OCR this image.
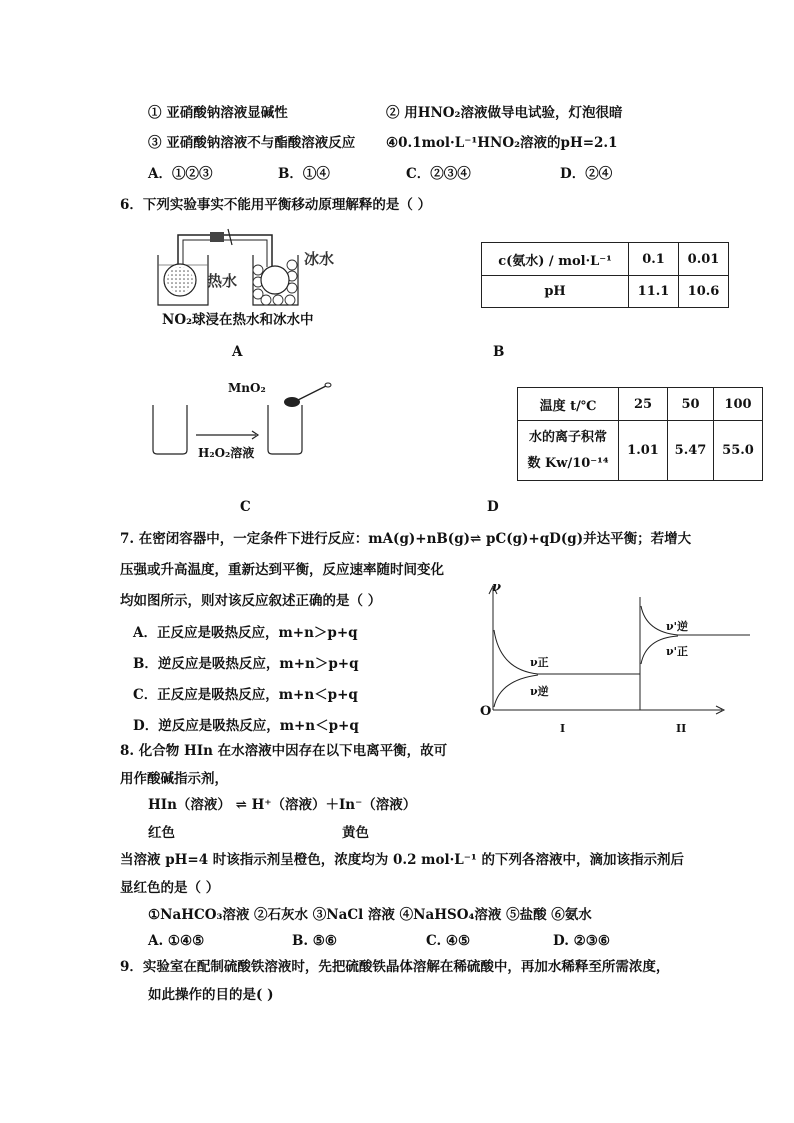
① 亚硝酸钠溶液显碱性	② 用HNO₂溶液做导电试验，灯泡很暗
③ 亚硝酸钠溶液不与酯酸溶液反应 ④0.1mol·L⁻¹HNO₂溶液的pH=2.1
A．①②③	B．①④	C．②③④	D．②④
6．下列实验事实不能用平衡移动原理解释的是（ ）
热水
冰水
NO₂球浸在热水和冰水中
A
c(氨水) / mol·L⁻¹	0.1	0.01
pH	11.1	10.6
B
MnO₂
H₂O₂溶液
C
温度 t/℃	25	50	100

水的离子积常
数 Kw/10⁻¹⁴	1.01	5.47	55.0
D
7. 在密闭容器中，一定条件下进行反应：mA(g)+nB(g)⇌ pC(g)+qD(g)并达平衡；若增大
压强或升高温度，重新达到平衡，反应速率随时间变化
均如图所示，则对该反应叙述正确的是（ ）
A．正反应是吸热反应，m+n＞p+q
B．逆反应是吸热反应，m+n＞p+q
C．正反应是吸热反应，m+n＜p+q
D．逆反应是吸热反应，m+n＜p+q
ν
O
ν正
ν逆
ν'逆
ν'正
I	II
8. 化合物 HIn 在水溶液中因存在以下电离平衡，故可
用作酸碱指示剂，
HIn（溶液） ⇌ H⁺（溶液）＋In⁻（溶液）
红色	黄色
当溶液 pH=4 时该指示剂呈橙色，浓度均为 0.2 mol·L⁻¹ 的下列各溶液中，滴加该指示剂后
显红色的是（ ）
①NaHCO₃溶液 ②石灰水 ③NaCl 溶液 ④NaHSO₄溶液 ⑤盐酸 ⑥氨水
A. ①④⑤	B. ⑤⑥	C. ④⑤	D. ②③⑥
9．实验室在配制硫酸铁溶液时，先把硫酸铁晶体溶解在稀硫酸中，再加水稀释至所需浓度，
如此操作的目的是( )
